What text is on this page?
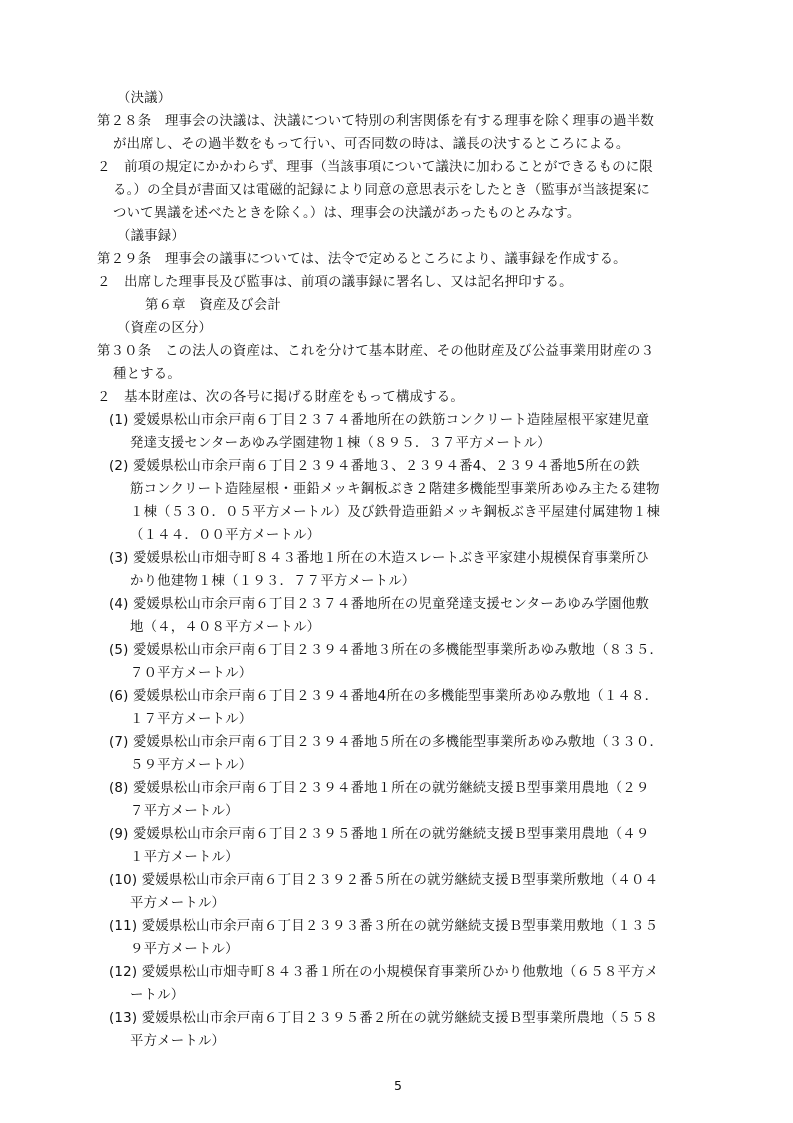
（決議）
第２８条　理事会の決議は、決議について特別の利害関係を有する理事を除く理事の過半数
が出席し、その過半数をもって行い、可否同数の時は、議長の決するところによる。
２　前項の規定にかかわらず、理事（当該事項について議決に加わることができるものに限
る。）の全員が書面又は電磁的記録により同意の意思表示をしたとき（監事が当該提案に
ついて異議を述べたときを除く。）は、理事会の決議があったものとみなす。
（議事録）
第２９条　理事会の議事については、法令で定めるところにより、議事録を作成する。
２　出席した理事長及び監事は、前項の議事録に署名し、又は記名押印する。
第６章　資産及び会計
（資産の区分）
第３０条　この法人の資産は、これを分けて基本財産、その他財産及び公益事業用財産の３
種とする。
２　基本財産は、次の各号に掲げる財産をもって構成する。
(1) 愛媛県松山市余戸南６丁目２３７４番地所在の鉄筋コンクリート造陸屋根平家建児童
発達支援センターあゆみ学園建物１棟（８９５．３７平方メートル）
(2) 愛媛県松山市余戸南６丁目２３９４番地３、２３９４番4、２３９４番地5所在の鉄
筋コンクリート造陸屋根・亜鉛メッキ鋼板ぶき２階建多機能型事業所あゆみ主たる建物
１棟（５３０．０５平方メートル）及び鉄骨造亜鉛メッキ鋼板ぶき平屋建付属建物１棟
（１４４．００平方メートル）
(3) 愛媛県松山市畑寺町８４３番地１所在の木造スレートぶき平家建小規模保育事業所ひ
かり他建物１棟（１９３．７７平方メートル）
(4) 愛媛県松山市余戸南６丁目２３７４番地所在の児童発達支援センターあゆみ学園他敷
地（４，４０８平方メートル）
(5) 愛媛県松山市余戸南６丁目２３９４番地３所在の多機能型事業所あゆみ敷地（８３５．
７０平方メートル）
(6) 愛媛県松山市余戸南６丁目２３９４番地4所在の多機能型事業所あゆみ敷地（１４８．
１７平方メートル）
(7) 愛媛県松山市余戸南６丁目２３９４番地５所在の多機能型事業所あゆみ敷地（３３０．
５９平方メートル）
(8) 愛媛県松山市余戸南６丁目２３９４番地１所在の就労継続支援Ｂ型事業用農地（２９
７平方メートル）
(9) 愛媛県松山市余戸南６丁目２３９５番地１所在の就労継続支援Ｂ型事業用農地（４９
１平方メートル）
(10) 愛媛県松山市余戸南６丁目２３９２番５所在の就労継続支援Ｂ型事業所敷地（４０４
平方メートル）
(11) 愛媛県松山市余戸南６丁目２３９３番３所在の就労継続支援Ｂ型事業用敷地（１３５
９平方メートル）
(12) 愛媛県松山市畑寺町８４３番１所在の小規模保育事業所ひかり他敷地（６５８平方メ
ートル）
(13) 愛媛県松山市余戸南６丁目２３９５番２所在の就労継続支援Ｂ型事業所農地（５５８
平方メートル）
5
